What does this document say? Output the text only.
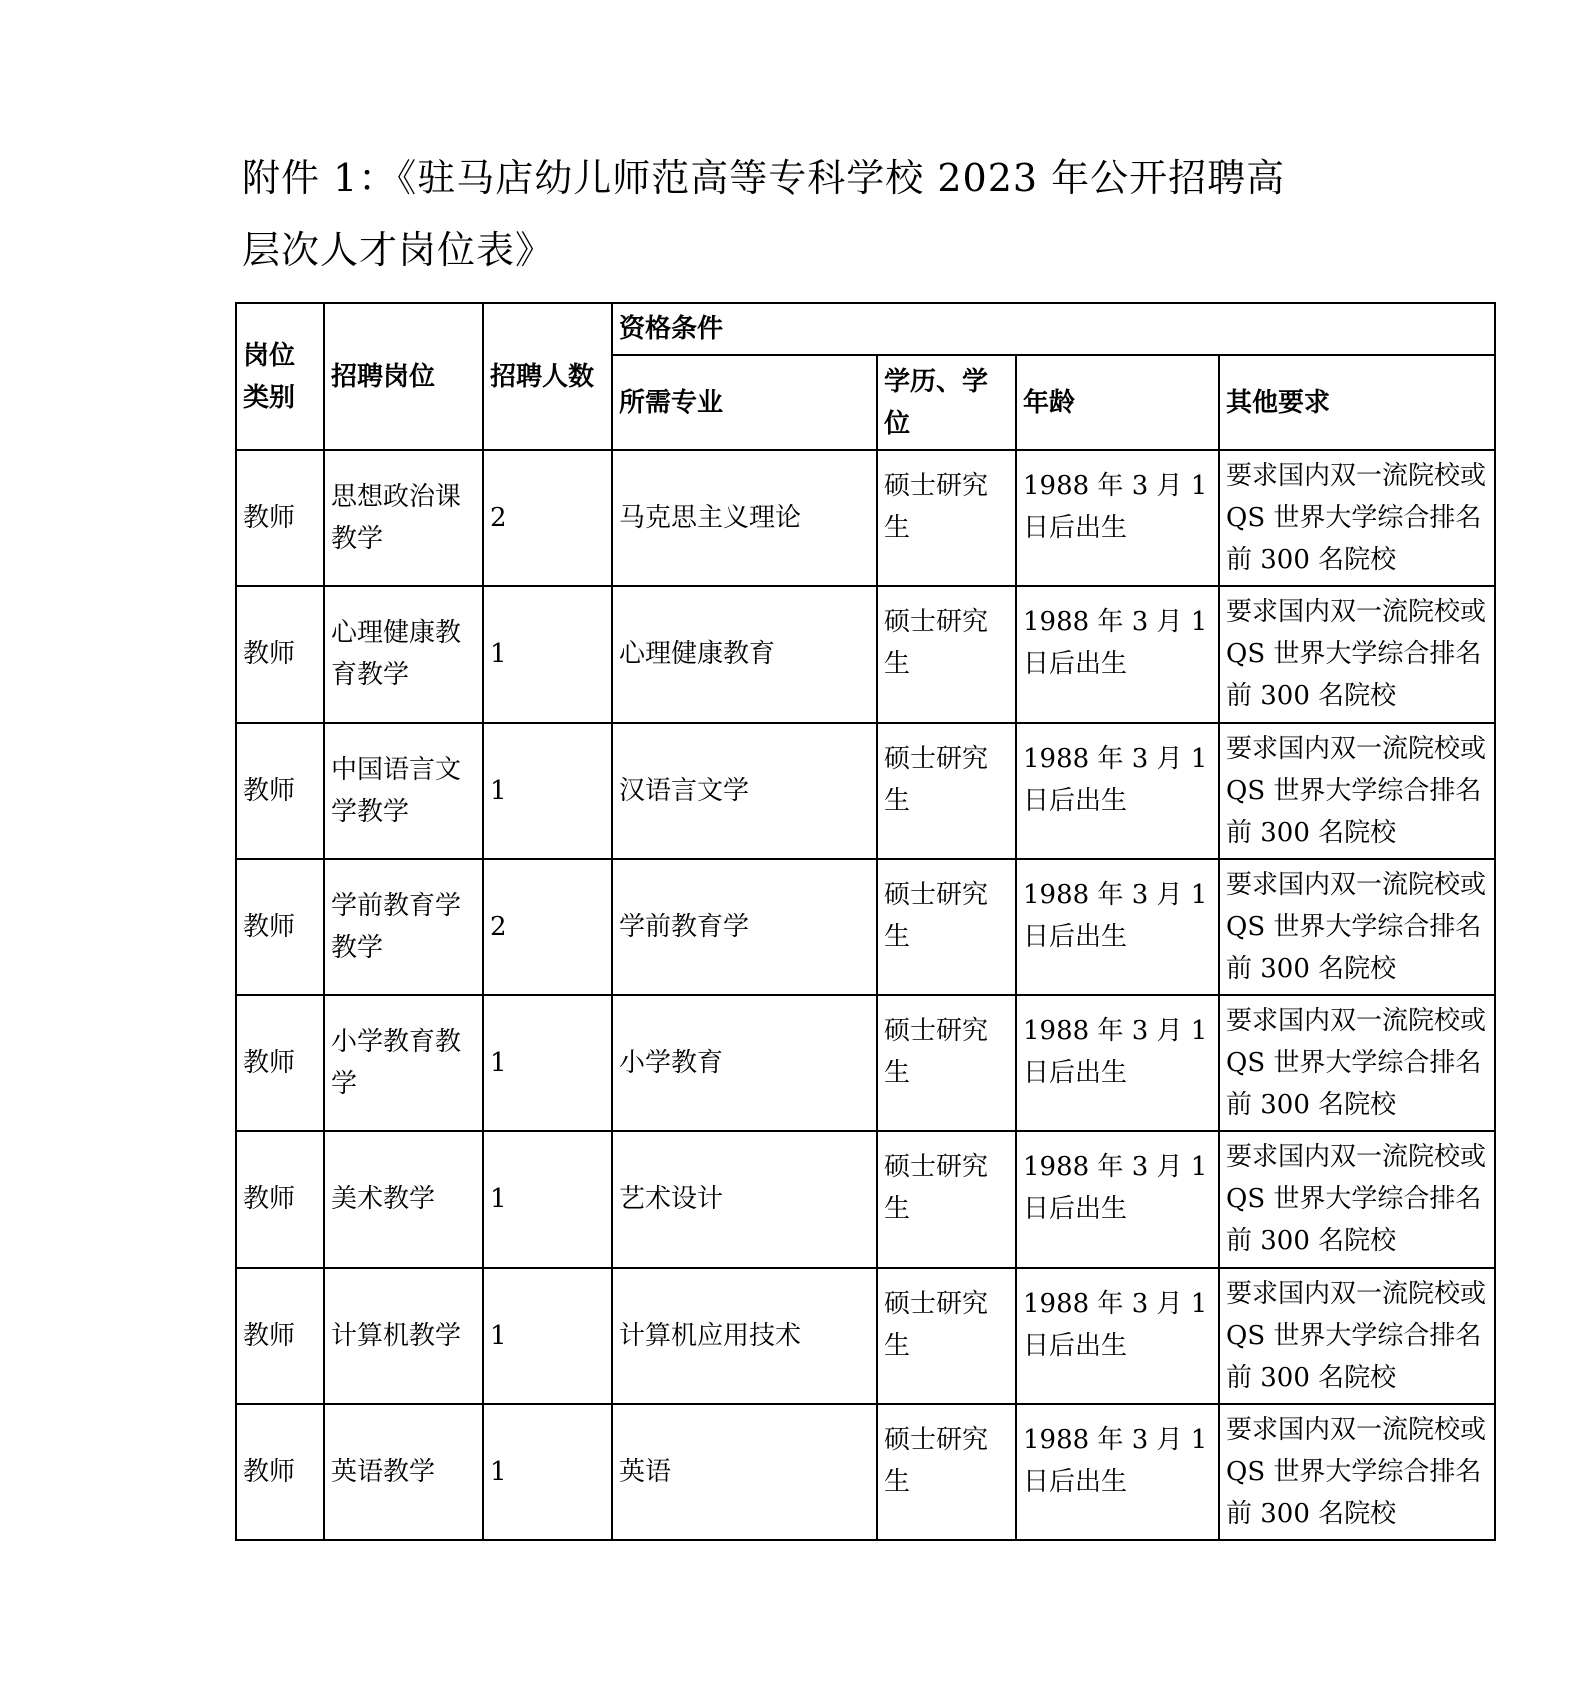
附件 1：《驻马店幼儿师范高等专科学校 2023 年公开招聘高
层次人才岗位表》
岗位类别	招聘岗位	招聘人数	资格条件			
			所需专业	学历、学位	年龄	其他要求
教师	思想政治课教学	2	马克思主义理论	硕士研究生	1988 年 3 月 1 日后出生	要求国内双一流院校或 QS 世界大学综合排名前 300 名院校
教师	心理健康教育教学	1	心理健康教育	硕士研究生	1988 年 3 月 1 日后出生	要求国内双一流院校或 QS 世界大学综合排名前 300 名院校
教师	中国语言文学教学	1	汉语言文学	硕士研究生	1988 年 3 月 1 日后出生	要求国内双一流院校或 QS 世界大学综合排名前 300 名院校
教师	学前教育学教学	2	学前教育学	硕士研究生	1988 年 3 月 1 日后出生	要求国内双一流院校或 QS 世界大学综合排名前 300 名院校
教师	小学教育教学	1	小学教育	硕士研究生	1988 年 3 月 1 日后出生	要求国内双一流院校或 QS 世界大学综合排名前 300 名院校
教师	美术教学	1	艺术设计	硕士研究生	1988 年 3 月 1 日后出生	要求国内双一流院校或 QS 世界大学综合排名前 300 名院校
教师	计算机教学	1	计算机应用技术	硕士研究生	1988 年 3 月 1 日后出生	要求国内双一流院校或 QS 世界大学综合排名前 300 名院校
教师	英语教学	1	英语	硕士研究生	1988 年 3 月 1 日后出生	要求国内双一流院校或 QS 世界大学综合排名前 300 名院校
